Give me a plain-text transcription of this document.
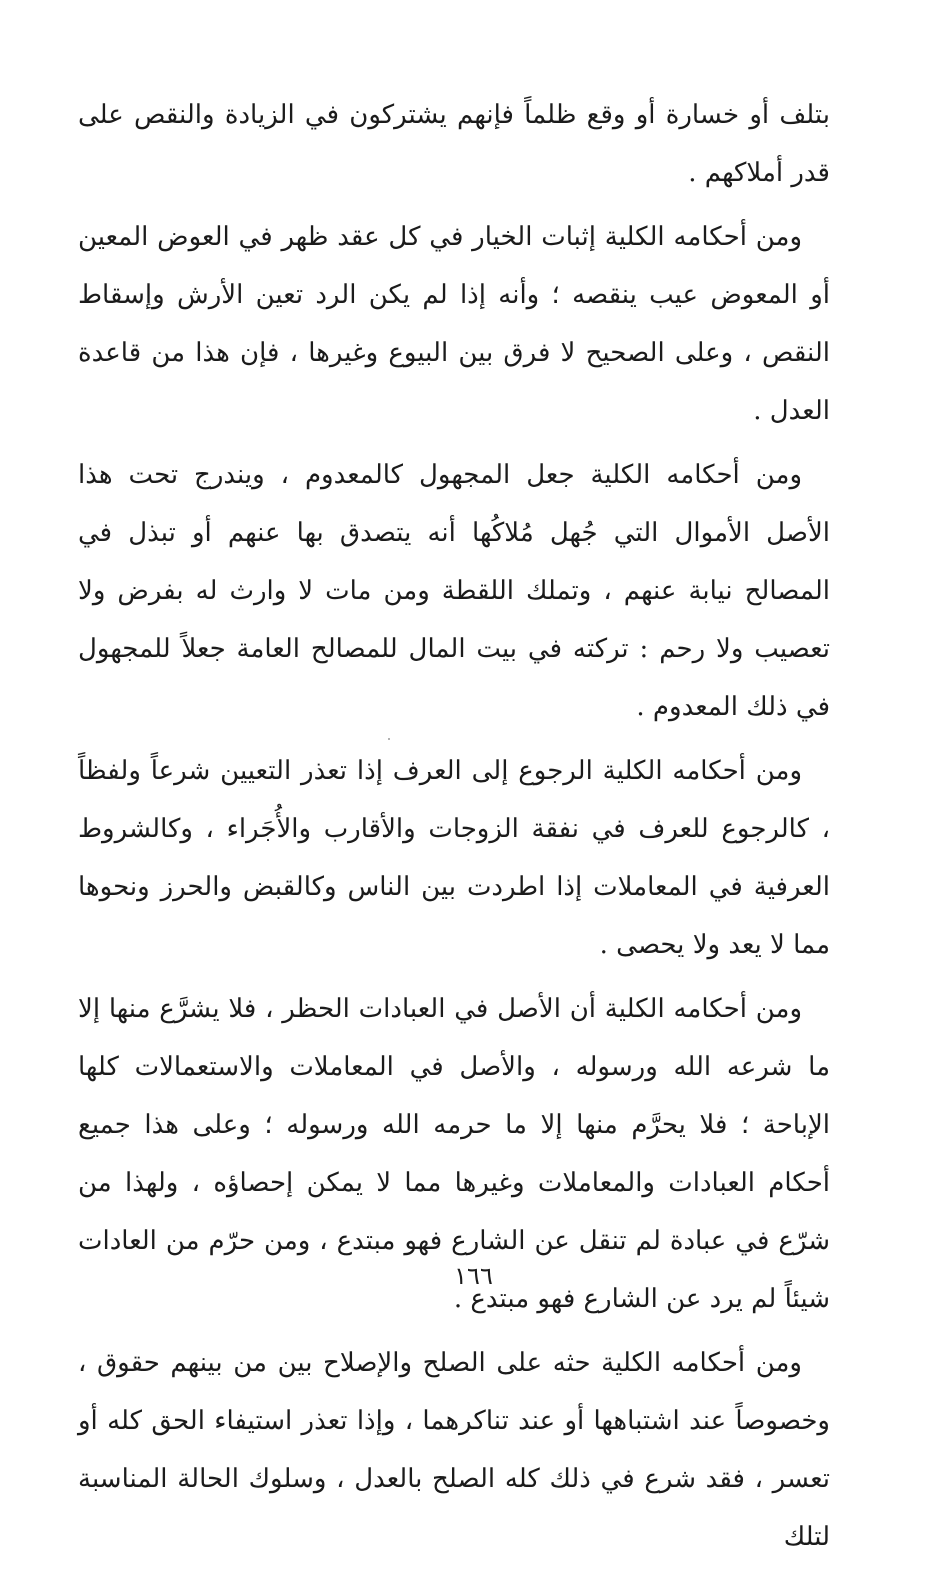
بتلف أو خسارة أو وقع ظلماً فإنهم يشتركون في الزيادة والنقص على قدر أملاكهم .

ومن أحكامه الكلية إثبات الخيار في كل عقد ظهر في العوض المعين أو المعوض عيب ينقصه ؛ وأنه إذا لم يكن الرد تعين الأرش وإسقاط النقص ، وعلى الصحيح لا فرق بين البيوع وغيرها ، فإن هذا من قاعدة العدل .

ومن أحكامه الكلية جعل المجهول كالمعدوم ، ويندرج تحت هذا الأصل الأموال التي جُهل مُلاكُها أنه يتصدق بها عنهم أو تبذل في المصالح نيابة عنهم ، وتملك اللقطة ومن مات لا وارث له بفرض ولا تعصيب ولا رحم : تركته في بيت المال للمصالح العامة جعلاً للمجهول في ذلك المعدوم .

ومن أحكامه الكلية الرجوع إلى العرف إذا تعذر التعيين شرعاً ولفظاً ، كالرجوع للعرف في نفقة الزوجات والأقارب والأُجَراء ، وكالشروط العرفية في المعاملات إذا اطردت بين الناس وكالقبض والحرز ونحوها مما لا يعد ولا يحصى .

ومن أحكامه الكلية أن الأصل في العبادات الحظر ، فلا يشرَّع منها إلا ما شرعه الله ورسوله ، والأصل في المعاملات والاستعمالات كلها الإباحة ؛ فلا يحرَّم منها إلا ما حرمه الله ورسوله ؛ وعلى هذا جميع أحكام العبادات والمعاملات وغيرها مما لا يمكن إحصاؤه ، ولهذا من شرّع في عبادة لم تنقل عن الشارع فهو مبتدع ، ومن حرّم من العادات شيئاً لم يرد عن الشارع فهو مبتدع .

ومن أحكامه الكلية حثه على الصلح والإصلاح بين من بينهم حقوق ، وخصوصاً عند اشتباهها أو عند تناكرهما ، وإذا تعذر استيفاء الحق كله أو تعسر ، فقد شرع في ذلك كله الصلح بالعدل ، وسلوك الحالة المناسبة لتلك

١٦٦
